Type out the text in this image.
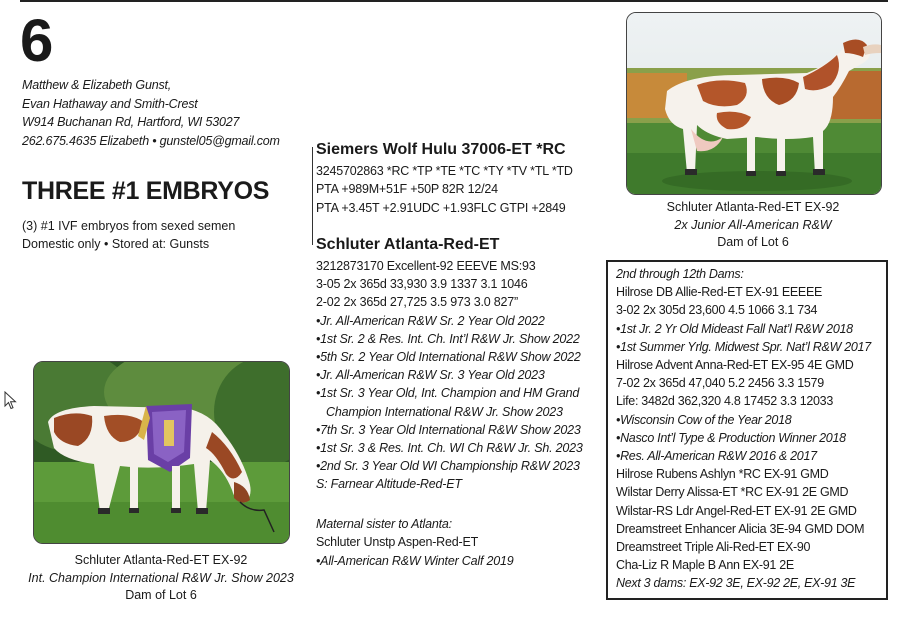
6
Matthew & Elizabeth Gunst,
Evan Hathaway and Smith-Crest
W914 Buchanan Rd, Hartford, WI 53027
262.675.4635 Elizabeth • gunstel05@gmail.com
THREE #1 EMBRYOS
(3) #1 IVF embryos from sexed semen
Domestic only • Stored at: Gunsts
Siemers Wolf Hulu 37006-ET *RC
3245702863 *RC *TP *TE *TC *TY *TV *TL *TD
PTA +989M+51F +50P 82R 12/24
PTA +3.45T +2.91UDC +1.93FLC GTPI +2849
Schluter Atlanta-Red-ET
3212873170 Excellent-92 EEEVE MS:93
3-05 2x 365d 33,930 3.9 1337 3.1 1046
2-02 2x 365d 27,725 3.5 973 3.0 827”
•Jr. All-American R&W Sr. 2 Year Old 2022
•1st Sr. 2 & Res. Int. Ch. Int’l R&W Jr. Show 2022
•5th Sr. 2 Year Old International R&W Show 2022
•Jr. All-American R&W Sr. 3 Year Old 2023
•1st Sr. 3 Year Old, Int. Champion and HM Grand
Champion International R&W Jr. Show 2023
•7th Sr. 3 Year Old International R&W Show 2023
•1st Sr. 3 & Res. Int. Ch. WI Ch R&W Jr. Sh. 2023
•2nd Sr. 3 Year Old WI Championship R&W 2023
S: Farnear Altitude-Red-ET
Maternal sister to Atlanta:
Schluter Unstp Aspen-Red-ET
•All-American R&W Winter Calf 2019
Schluter Atlanta-Red-ET EX-92
2x Junior All-American R&W
Dam of Lot 6
Schluter Atlanta-Red-ET EX-92
Int. Champion International R&W Jr. Show 2023
Dam of Lot 6
2nd through 12th Dams:
Hilrose DB Allie-Red-ET EX-91 EEEEE
3-02 2x 305d 23,600 4.5 1066 3.1 734
•1st Jr. 2 Yr Old Mideast Fall Nat’l R&W 2018
•1st Summer Yrlg. Midwest Spr. Nat’l R&W 2017
Hilrose Advent Anna-Red-ET EX-95 4E GMD
7-02 2x 365d 47,040 5.2 2456 3.3 1579
Life: 3482d 362,320 4.8 17452 3.3 12033
•Wisconsin Cow of the Year 2018
•Nasco Int’l Type & Production Winner 2018
•Res. All-American R&W 2016 & 2017
Hilrose Rubens Ashlyn *RC EX-91 GMD
Wilstar Derry Alissa-ET *RC EX-91 2E GMD
Wilstar-RS Ldr Angel-Red-ET EX-91 2E GMD
Dreamstreet Enhancer Alicia 3E-94 GMD DOM
Dreamstreet Triple Ali-Red-ET EX-90
Cha-Liz R Maple B Ann EX-91 2E
Next 3 dams: EX-92 3E, EX-92 2E, EX-91 3E
